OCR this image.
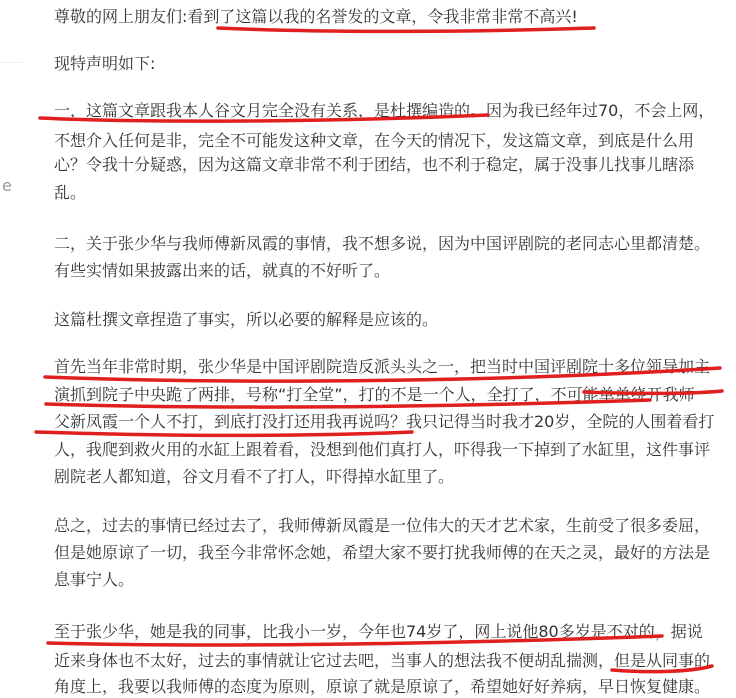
e
尊敬的网上朋友们:看到了这篇以我的名誉发的文章，令我非常非常不高兴!
现特声明如下:
一，这篇文章跟我本人谷文月完全没有关系，是杜撰编造的。因为我已经年过70，不会上网，
不想介入任何是非，完全不可能发这种文章，在今天的情况下，发这篇文章，到底是什么用
心？令我十分疑惑，因为这篇文章非常不利于团结，也不利于稳定，属于没事儿找事儿瞎添
乱。
二，关于张少华与我师傅新凤霞的事情，我不想多说，因为中国评剧院的老同志心里都清楚。
有些实情如果披露出来的话，就真的不好听了。
这篇杜撰文章捏造了事实，所以必要的解释是应该的。
首先当年非常时期，张少华是中国评剧院造反派头头之一，把当时中国评剧院十多位领导加主
演抓到院子中央跪了两排，号称“打全堂”，打的不是一个人，全打了，不可能单单绕开我师
父新凤霞一个人不打，到底打没打还用我再说吗？我只记得当时我才20岁，全院的人围着看打
人，我爬到救火用的水缸上跟着看，没想到他们真打人，吓得我一下掉到了水缸里，这件事评
剧院老人都知道，谷文月看不了打人，吓得掉水缸里了。
总之，过去的事情已经过去了，我师傅新凤霞是一位伟大的天才艺术家，生前受了很多委屈，
但是她原谅了一切，我至今非常怀念她，希望大家不要打扰我师傅的在天之灵，最好的方法是
息事宁人。
至于张少华，她是我的同事，比我小一岁，今年也74岁了，网上说他80多岁是不对的，据说
近来身体也不太好，过去的事情就让它过去吧，当事人的想法我不便胡乱揣测，但是从同事的
角度上，我要以我师傅的态度为原则，原谅了就是原谅了，希望她好好养病，早日恢复健康。
